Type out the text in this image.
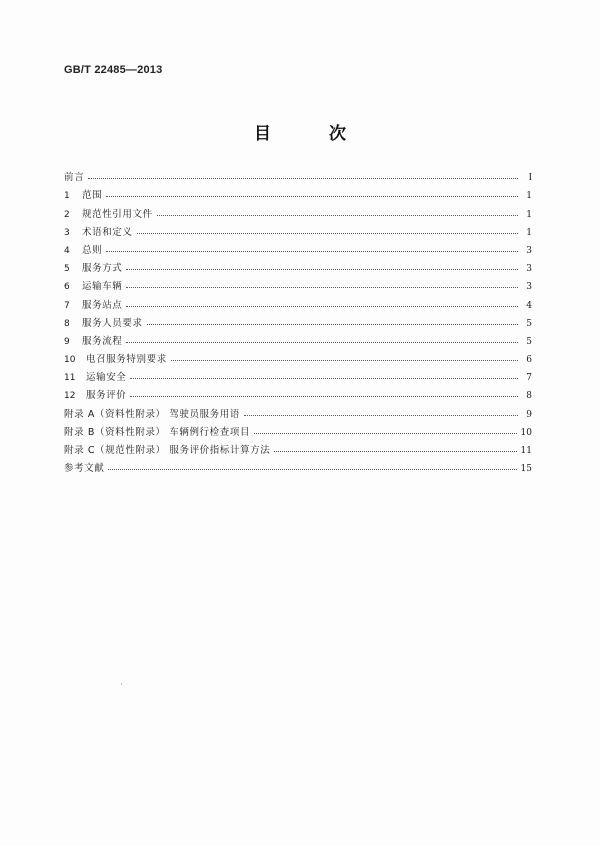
GB/T 22485—2013
目 次
前言	I
1	范围	1
2	规范性引用文件	1
3	术语和定义	1
4	总则	3
5	服务方式	3
6	运输车辆	3
7	服务站点	4
8	服务人员要求	5
9	服务流程	5
10	电召服务特别要求	6
11	运输安全	7
12	服务评价	8
附录 A（资料性附录） 驾驶员服务用语	9
附录 B（资料性附录） 车辆例行检查项目	10
附录 C（规范性附录） 服务评价指标计算方法	11
参考文献	15
